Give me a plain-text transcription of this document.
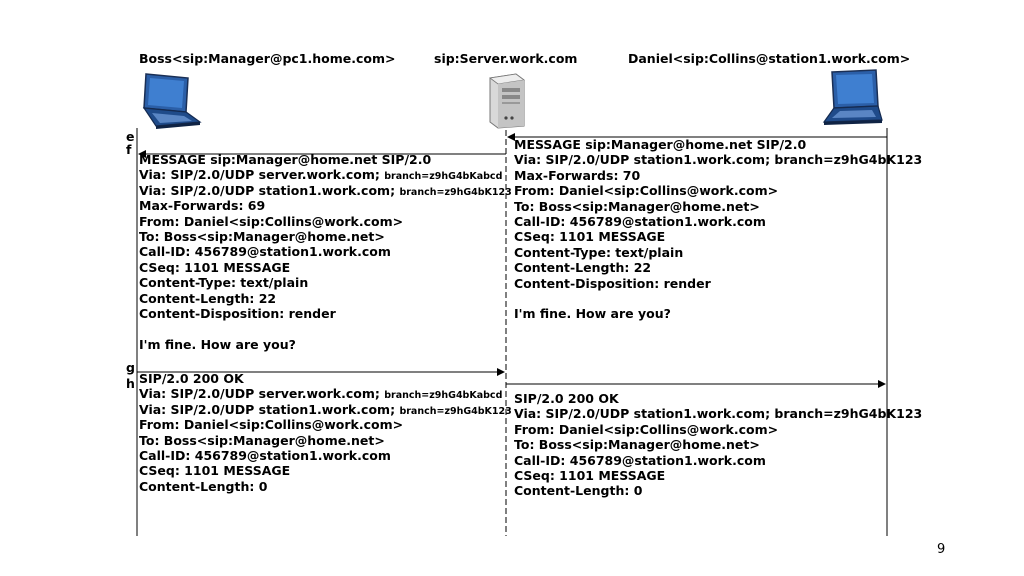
Boss<sip:Manager@pc1.home.com>	sip:Server.work.com	Daniel<sip:Collins@station1.work.com>
e
f
g
h
MESSAGE sip:Manager@home.net SIP/2.0
Via: SIP/2.0/UDP station1.work.com; branch=z9hG4bK123
Max-Forwards: 70
From: Daniel<sip:Collins@work.com>
To: Boss<sip:Manager@home.net>
Call-ID: 456789@station1.work.com
CSeq: 1101 MESSAGE
Content-Type: text/plain
Content-Length: 22
Content-Disposition: render
I'm fine. How are you?
MESSAGE sip:Manager@home.net SIP/2.0
Via: SIP/2.0/UDP server.work.com; branch=z9hG4bKabcd
Via: SIP/2.0/UDP station1.work.com; branch=z9hG4bK123
Max-Forwards: 69
From: Daniel<sip:Collins@work.com>
To: Boss<sip:Manager@home.net>
Call-ID: 456789@station1.work.com
CSeq: 1101 MESSAGE
Content-Type: text/plain
Content-Length: 22
Content-Disposition: render
I'm fine. How are you?
SIP/2.0 200 OK
Via: SIP/2.0/UDP server.work.com; branch=z9hG4bKabcd
Via: SIP/2.0/UDP station1.work.com; branch=z9hG4bK123
From: Daniel<sip:Collins@work.com>
To: Boss<sip:Manager@home.net>
Call-ID: 456789@station1.work.com
CSeq: 1101 MESSAGE
Content-Length: 0
SIP/2.0 200 OK
Via: SIP/2.0/UDP station1.work.com; branch=z9hG4bK123
From: Daniel<sip:Collins@work.com>
To: Boss<sip:Manager@home.net>
Call-ID: 456789@station1.work.com
CSeq: 1101 MESSAGE
Content-Length: 0
9
